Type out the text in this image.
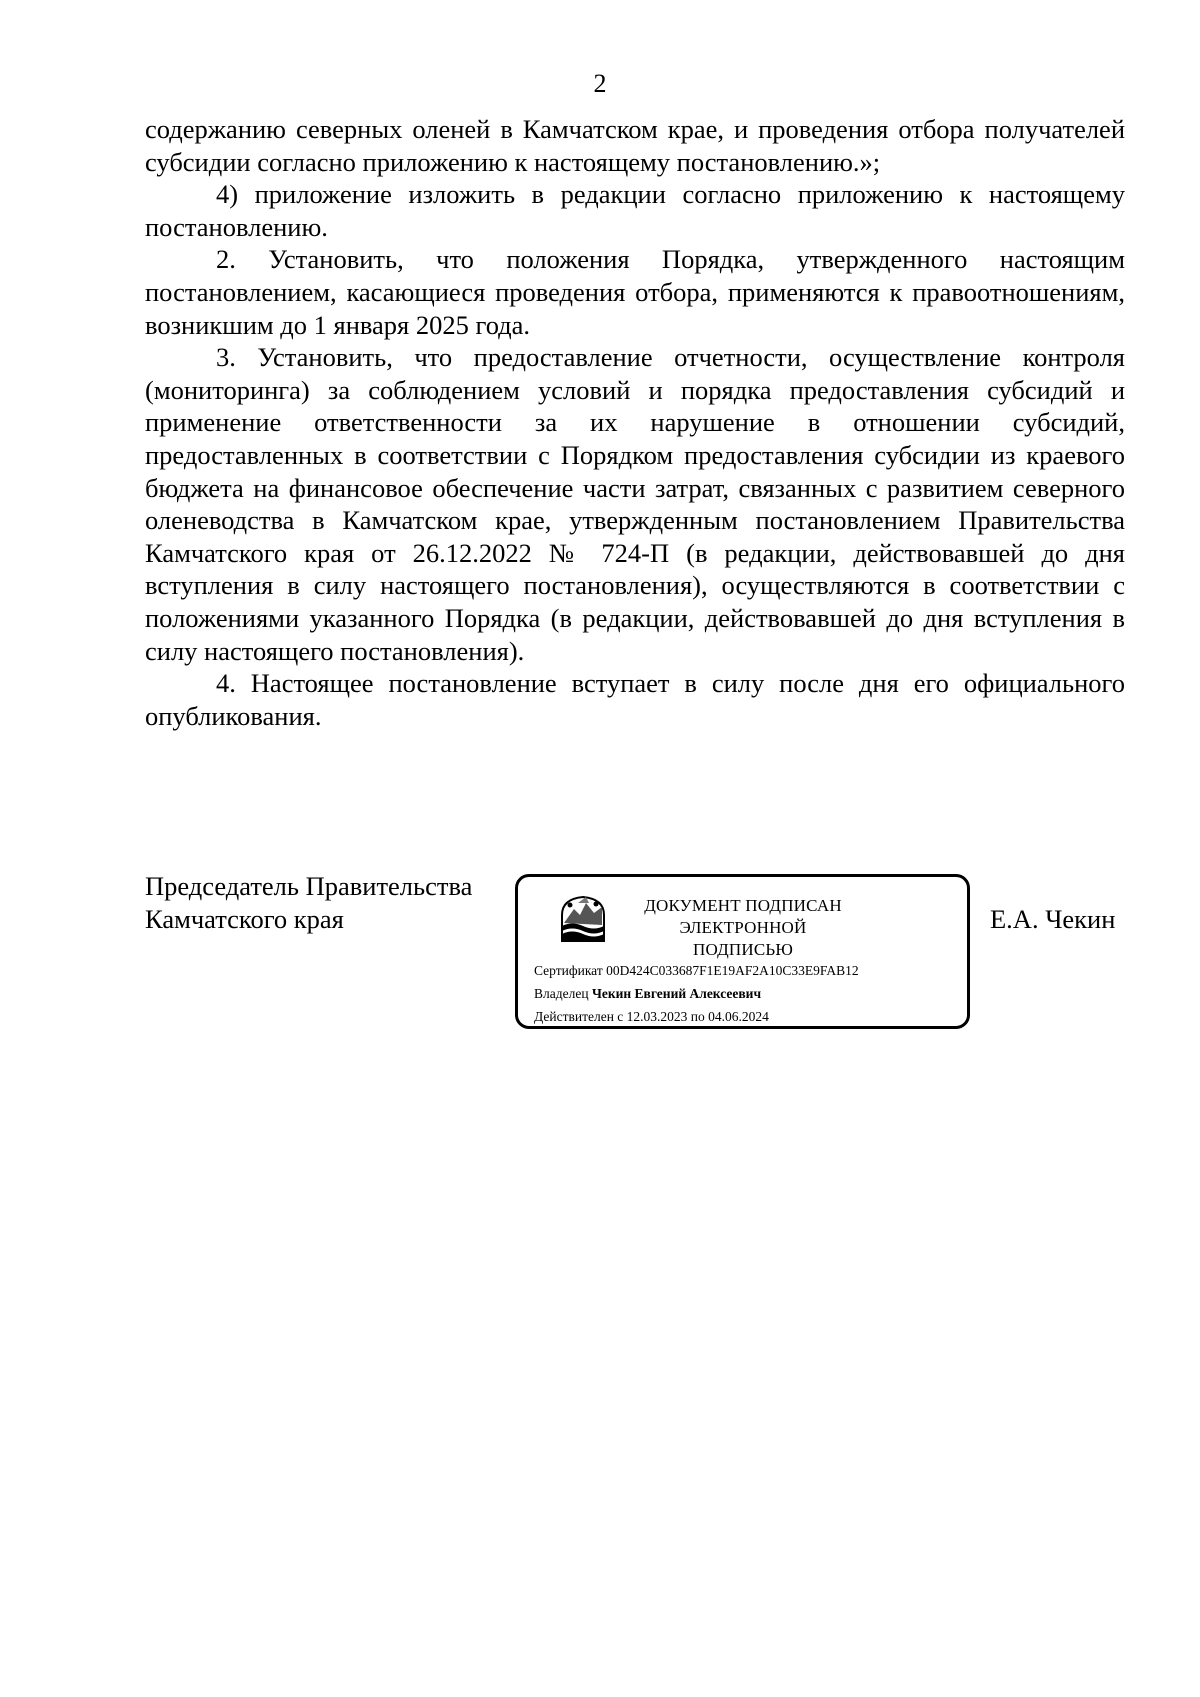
2

содержанию северных оленей в Камчатском крае, и проведения отбора получателей субсидии согласно приложению к настоящему постановлению.»;

4) приложение изложить в редакции согласно приложению к настоящему постановлению.

2. Установить, что положения Порядка, утвержденного настоящим постановлением, касающиеся проведения отбора, применяются к правоотношениям, возникшим до 1 января 2025 года.

3. Установить, что предоставление отчетности, осуществление контроля (мониторинга) за соблюдением условий и порядка предоставления субсидий и применение ответственности за их нарушение в отношении субсидий, предоставленных в соответствии с Порядком предоставления субсидии из краевого бюджета на финансовое обеспечение части затрат, связанных с развитием северного оленеводства в Камчатском крае, утвержденным постановлением Правительства Камчатского края от 26.12.2022 № 724-П (в редакции, действовавшей до дня вступления в силу настоящего постановления), осуществляются в соответствии с положениями указанного Порядка (в редакции, действовавшей до дня вступления в силу настоящего постановления).

4. Настоящее постановление вступает в силу после дня его официального опубликования.

Председатель Правительства
Камчатского края	ДОКУМЕНТ ПОДПИСАН
ЭЛЕКТРОННОЙ ПОДПИСЬЮ
Сертификат 00D424C033687F1E19AF2A10C33E9FAB12
Владелец Чекин Евгений Алексеевич
Действителен с 12.03.2023 по 04.06.2024
Е.А. Чекин
